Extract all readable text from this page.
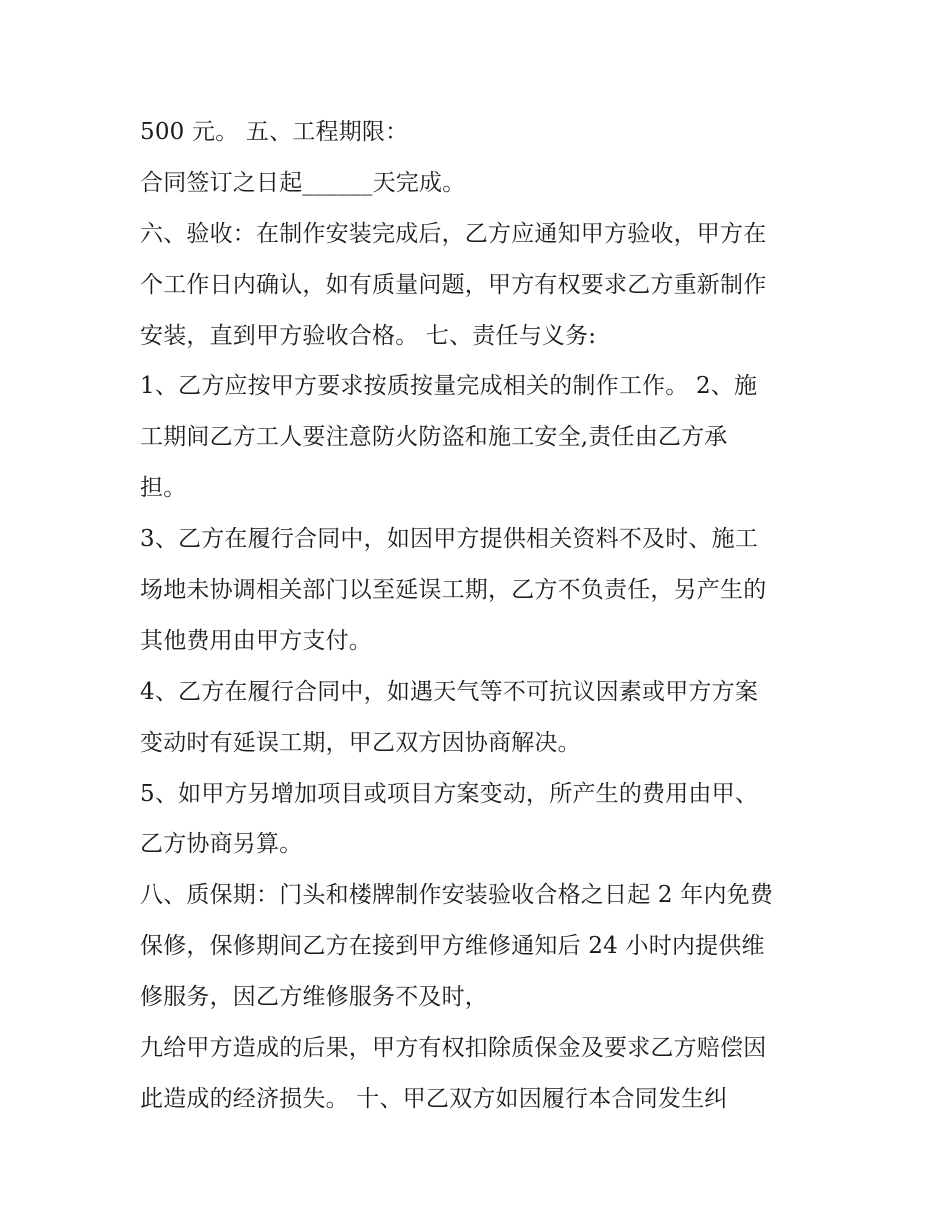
500 元。 五、工程期限：
合同签订之日起______天完成。
六、验收：在制作安装完成后，乙方应通知甲方验收，甲方在
个工作日内确认，如有质量问题，甲方有权要求乙方重新制作
安装，直到甲方验收合格。 七、责任与义务:
1、乙方应按甲方要求按质按量完成相关的制作工作。 2、施
工期间乙方工人要注意防火防盗和施工安全,责任由乙方承
担。
3、乙方在履行合同中，如因甲方提供相关资料不及时、施工
场地未协调相关部门以至延误工期，乙方不负责任，另产生的
其他费用由甲方支付。
4、乙方在履行合同中，如遇天气等不可抗议因素或甲方方案
变动时有延误工期，甲乙双方因协商解决。
5、如甲方另增加项目或项目方案变动，所产生的费用由甲、
乙方协商另算。
八、质保期：门头和楼牌制作安装验收合格之日起 2 年内免费
保修，保修期间乙方在接到甲方维修通知后 24 小时内提供维
修服务，因乙方维修服务不及时，
九给甲方造成的后果，甲方有权扣除质保金及要求乙方赔偿因
此造成的经济损失。 十、甲乙双方如因履行本合同发生纠
